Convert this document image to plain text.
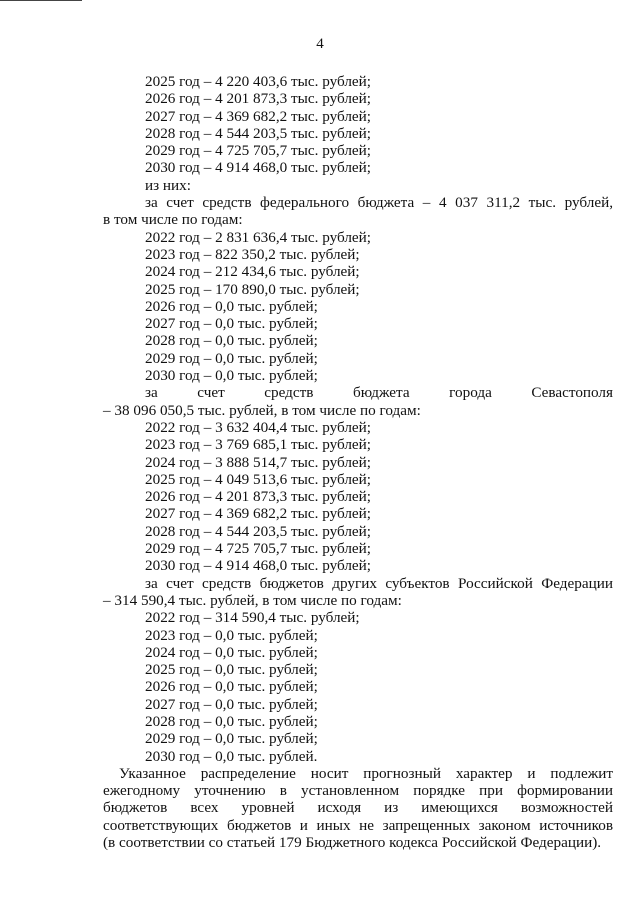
4
2025 год – 4 220 403,6 тыс. рублей;
2026 год – 4 201 873,3 тыс. рублей;
2027 год – 4 369 682,2 тыс. рублей;
2028 год – 4 544 203,5 тыс. рублей;
2029 год – 4 725 705,7 тыс. рублей;
2030 год – 4 914 468,0 тыс. рублей;
из них:
за счет средств федерального бюджета – 4 037 311,2 тыс. рублей,
в том числе по годам:
2022 год – 2 831 636,4 тыс. рублей;
2023 год – 822 350,2 тыс. рублей;
2024 год – 212 434,6 тыс. рублей;
2025 год – 170 890,0 тыс. рублей;
2026 год – 0,0 тыс. рублей;
2027 год – 0,0 тыс. рублей;
2028 год – 0,0 тыс. рублей;
2029 год – 0,0 тыс. рублей;
2030 год – 0,0 тыс. рублей;
за счет средств бюджета города Севастополя
– 38 096 050,5 тыс. рублей, в том числе по годам:
2022 год – 3 632 404,4 тыс. рублей;
2023 год – 3 769 685,1 тыс. рублей;
2024 год – 3 888 514,7 тыс. рублей;
2025 год – 4 049 513,6 тыс. рублей;
2026 год – 4 201 873,3 тыс. рублей;
2027 год – 4 369 682,2 тыс. рублей;
2028 год – 4 544 203,5 тыс. рублей;
2029 год – 4 725 705,7 тыс. рублей;
2030 год – 4 914 468,0 тыс. рублей;
за счет средств бюджетов других субъектов Российской Федерации
– 314 590,4 тыс. рублей, в том числе по годам:
2022 год – 314 590,4 тыс. рублей;
2023 год – 0,0 тыс. рублей;
2024 год – 0,0 тыс. рублей;
2025 год – 0,0 тыс. рублей;
2026 год – 0,0 тыс. рублей;
2027 год – 0,0 тыс. рублей;
2028 год – 0,0 тыс. рублей;
2029 год – 0,0 тыс. рублей;
2030 год – 0,0 тыс. рублей.
Указанное распределение носит прогнозный характер и подлежит
ежегодному уточнению в установленном порядке при формировании
бюджетов всех уровней исходя из имеющихся возможностей
соответствующих бюджетов и иных не запрещенных законом источников
(в соответствии со статьей 179 Бюджетного кодекса Российской Федерации).
